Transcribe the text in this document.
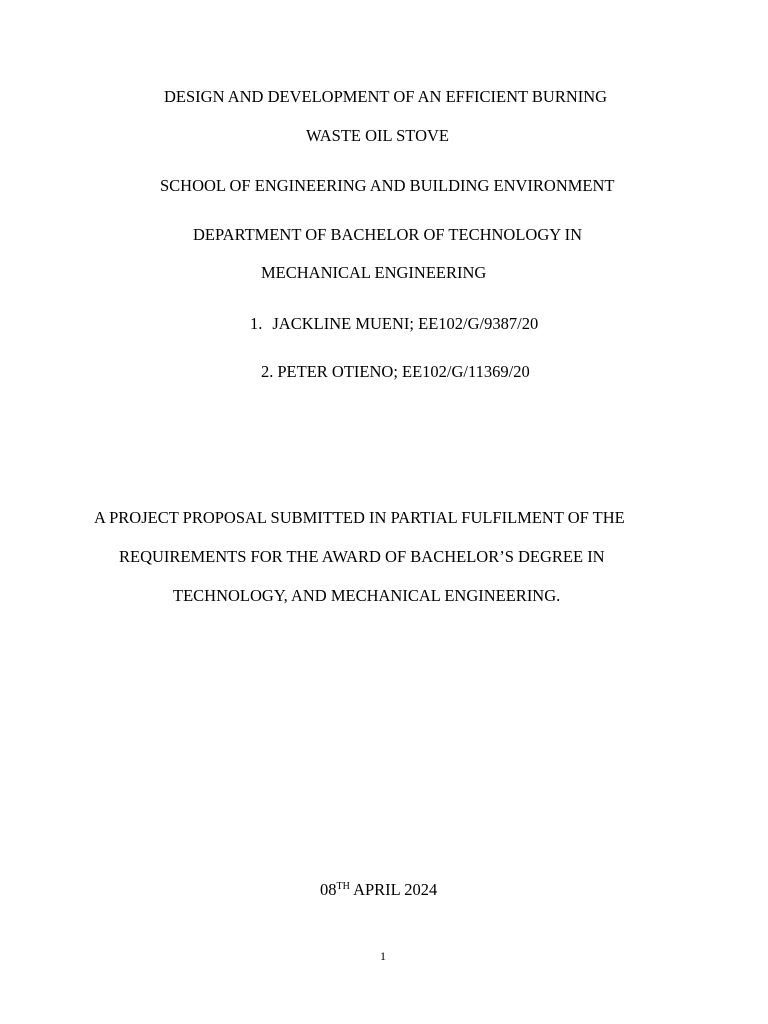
DESIGN AND DEVELOPMENT OF AN EFFICIENT BURNING
WASTE OIL STOVE
SCHOOL OF ENGINEERING AND BUILDING ENVIRONMENT
DEPARTMENT OF BACHELOR OF TECHNOLOGY IN
MECHANICAL ENGINEERING
1. JACKLINE MUENI; EE102/G/9387/20
2. PETER OTIENO; EE102/G/11369/20
A PROJECT PROPOSAL SUBMITTED IN PARTIAL FULFILMENT OF THE
REQUIREMENTS FOR THE AWARD OF BACHELOR’S DEGREE IN
TECHNOLOGY, AND MECHANICAL ENGINEERING.
08TH APRIL 2024
1
